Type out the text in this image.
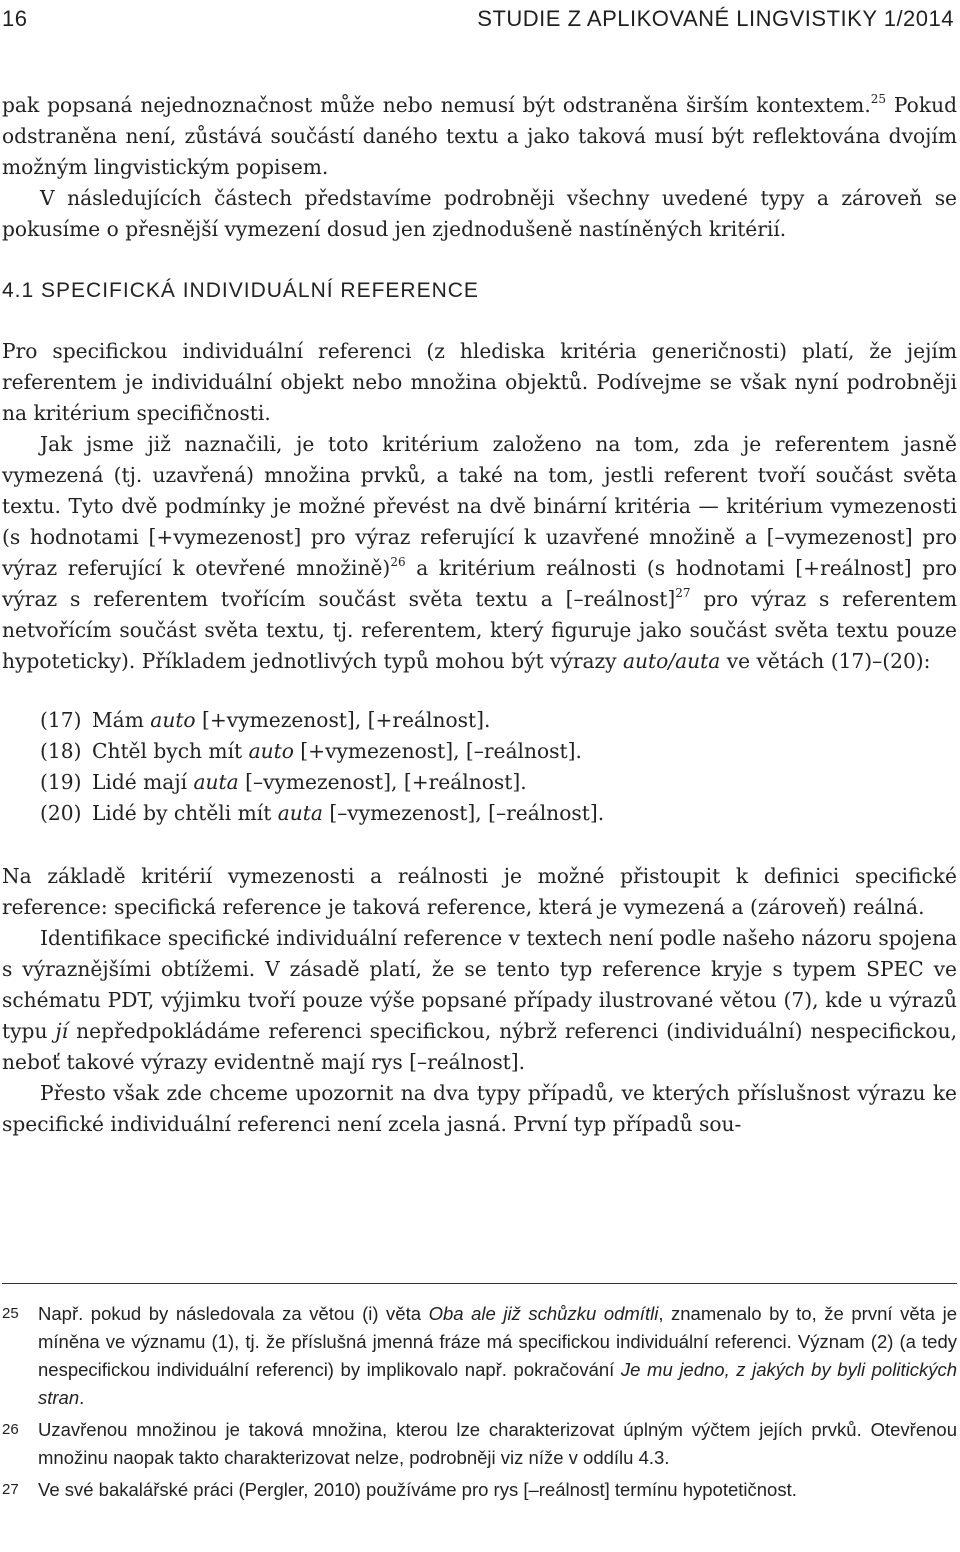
16	STUDIE Z APLIKOVANÉ LINGVISTIKY 1/2014

pak popsaná nejednoznačnost může nebo nemusí být odstraněna širším kontextem.$^{25}$ Pokud odstraněna není, zůstává součástí daného textu a jako taková musí být reflektována dvojím možným lingvistickým popisem.

V následujících částech představíme podrobněji všechny uvedené typy a zároveň se pokusíme o přesnější vymezení dosud jen zjednodušeně nastíněných kritérií.

4.1 SPECIFICKÁ INDIVIDUÁLNÍ REFERENCE

Pro specifickou individuální referenci (z hlediska kritéria generičnosti) platí, že jejím referentem je individuální objekt nebo množina objektů. Podívejme se však nyní podrobněji na kritérium specifičnosti.

Jak jsme již naznačili, je toto kritérium založeno na tom, zda je referentem jasně vymezená (tj. uzavřená) množina prvků, a také na tom, jestli referent tvoří součást světa textu. Tyto dvě podmínky je možné převést na dvě binární kritéria — kritérium vymezenosti (s hodnotami [+vymezenost] pro výraz referující k uzavřené množině a [–vymezenost] pro výraz referující k otevřené množině)$^{26}$ a kritérium reálnosti (s hodnotami [+reálnost] pro výraz s referentem tvořícím součást světa textu a [–reálnost]$^{27}$ pro výraz s referentem netvořícím součást světa textu, tj. referentem, který figuruje jako součást světa textu pouze hypoteticky). Příkladem jednotlivých typů mohou být výrazy auto/auta ve větách (17)–(20):

(17) Mám auto [+vymezenost], [+reálnost].
(18) Chtěl bych mít auto [+vymezenost], [–reálnost].
(19) Lidé mají auta [–vymezenost], [+reálnost].
(20) Lidé by chtěli mít auta [–vymezenost], [–reálnost].

Na základě kritérií vymezenosti a reálnosti je možné přistoupit k definici specifické reference: specifická reference je taková reference, která je vymezená a (zároveň) reálná.

Identifikace specifické individuální reference v textech není podle našeho názoru spojena s výraznějšími obtížemi. V zásadě platí, že se tento typ reference kryje s typem SPEC ve schématu PDT, výjimku tvoří pouze výše popsané případy ilustrované větou (7), kde u výrazů typu jí nepředpokládáme referenci specifickou, nýbrž referenci (individuální) nespecifickou, neboť takové výrazy evidentně mají rys [–reálnost].

Přesto však zde chceme upozornit na dva typy případů, ve kterých příslušnost výrazu ke specifické individuální referenci není zcela jasná. První typ případů sou-

25 Např. pokud by následovala za větou (i) věta Oba ale již schůzku odmítli, znamenalo by to, že první věta je míněna ve významu (1), tj. že příslušná jmenná fráze má specifickou individuální referenci. Význam (2) (a tedy nespecifickou individuální referenci) by implikovalo např. pokračování Je mu jedno, z jakých by byli politických stran.
26 Uzavřenou množinou je taková množina, kterou lze charakterizovat úplným výčtem jejích prvků. Otevřenou množinu naopak takto charakterizovat nelze, podrobněji viz níže v oddílu 4.3.
27 Ve své bakalářské práci (Pergler, 2010) používáme pro rys [–reálnost] termínu hypotetičnost.
